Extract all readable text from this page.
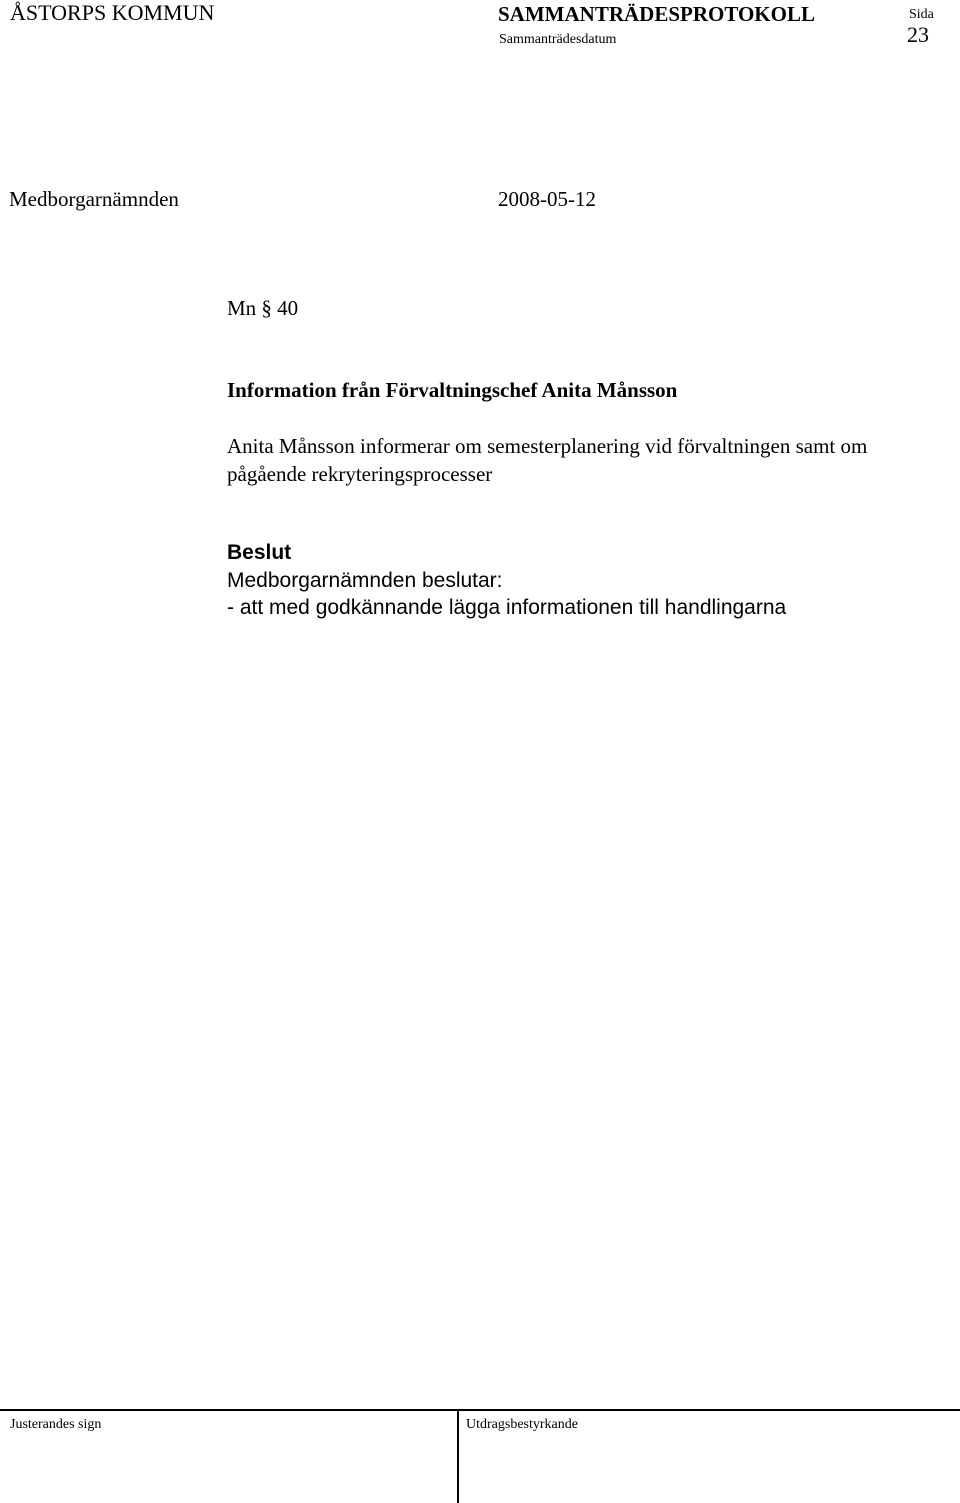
ÅSTORPS KOMMUN	SAMMANTRÄDESPROTOKOLL
Sammanträdesdatum
Sida
23
Medborgarnämnden	2008-05-12
Mn § 40
Information från Förvaltningschef Anita Månsson
Anita Månsson informerar om semesterplanering vid förvaltningen samt om pågående rekryteringsprocesser
Beslut
Medborgarnämnden beslutar:
- att med godkännande lägga informationen till handlingarna
Justerandes sign	Utdragsbestyrkande
